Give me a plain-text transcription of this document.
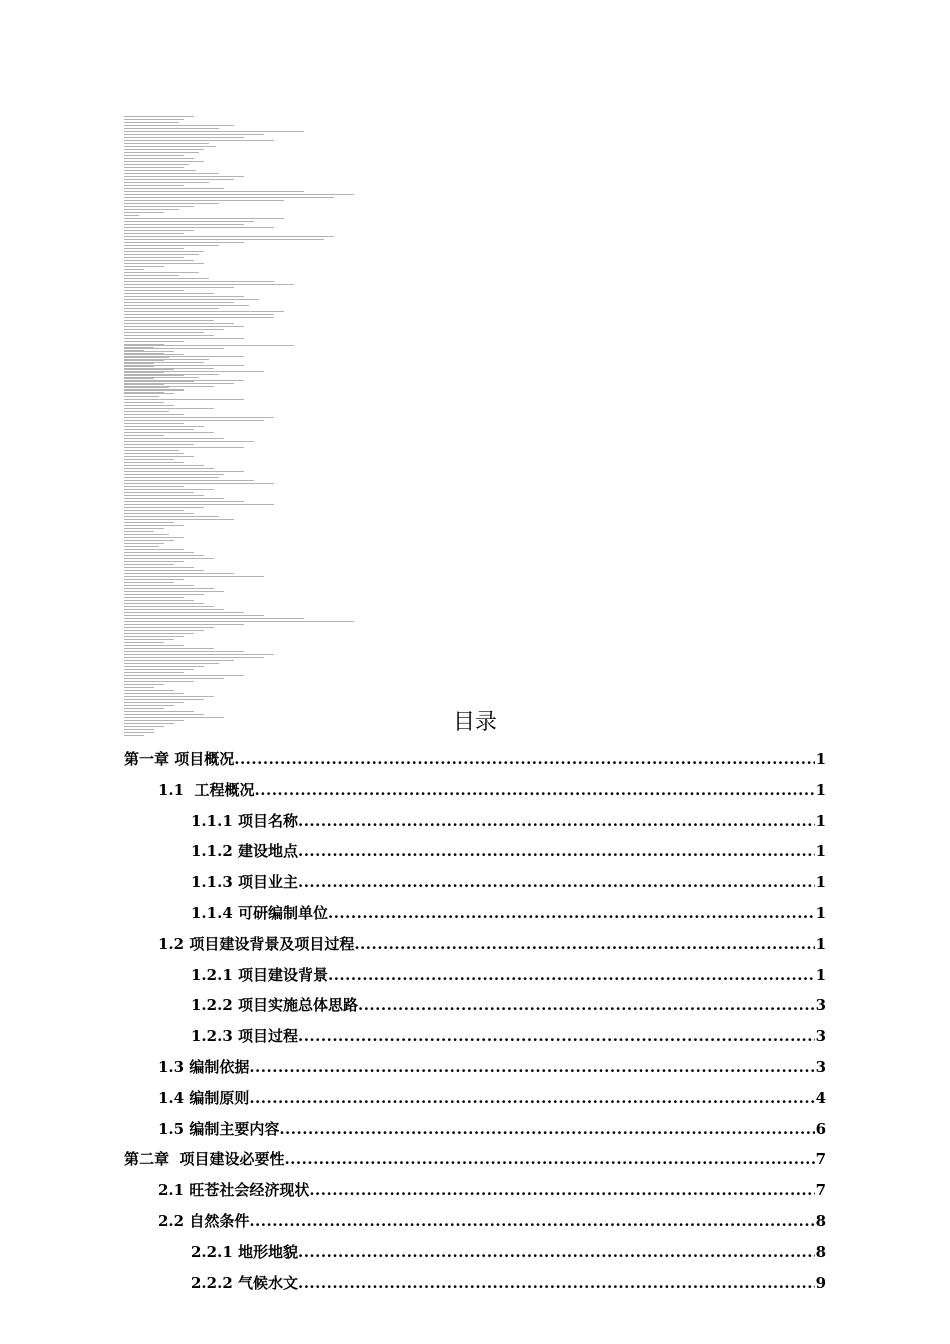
目录
第一章 项目概况 .....	1
1.1  工程概况 .....	1
1.1.1 项目名称 .....	1
1.1.2 建设地点 .....	1
1.1.3 项目业主 .....	1
1.1.4 可研编制单位 .....	1
1.2 项目建设背景及项目过程 .....	1
1.2.1 项目建设背景 .....	1
1.2.2 项目实施总体思路 .....	3
1.2.3 项目过程 .....	3
1.3 编制依据 .....	3
1.4 编制原则 .....	4
1.5 编制主要内容 .....	6
第二章  项目建设必要性 .....	7
2.1 旺苍社会经济现状 .....	7
2.2 自然条件 .....	8
2.2.1 地形地貌 .....	8
2.2.2 气候水文 .....	9
